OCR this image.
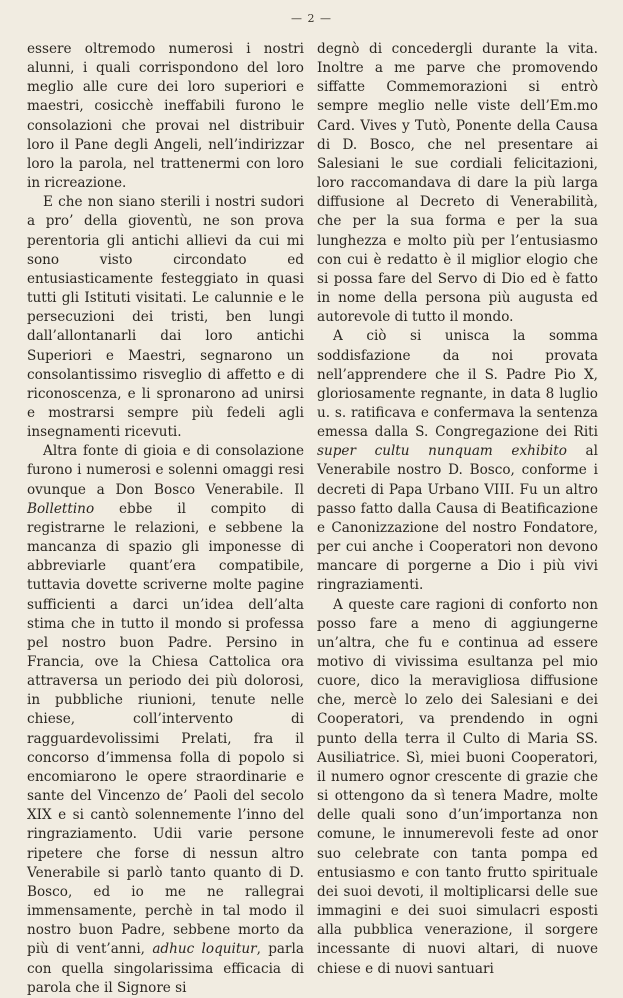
— 2 —

essere oltremodo numerosi i nostri alunni, i quali corrispondono del loro meglio alle cure dei loro superiori e maestri, cosicchè ineffabili furono le consolazioni che provai nel distribuir loro il Pane degli Angeli, nell’indirizzar loro la parola, nel trattenermi con loro in ricreazione.

E che non siano sterili i nostri sudori a pro’ della gioventù, ne son prova perentoria gli antichi allievi da cui mi sono visto circondato ed entusiasticamente festeggiato in quasi tutti gli Istituti visitati. Le calunnie e le persecuzioni dei tristi, ben lungi dall’allontanarli dai loro antichi Superiori e Maestri, segnarono un consolantissimo risveglio di affetto e di riconoscenza, e li spronarono ad unirsi e mostrarsi sempre più fedeli agli insegnamenti ricevuti.

Altra fonte di gioia e di consolazione furono i numerosi e solenni omaggi resi ovunque a Don Bosco Venerabile. Il Bollettino ebbe il compito di registrarne le relazioni, e sebbene la mancanza di spazio gli imponesse di abbreviarle quant’era compatibile, tuttavia dovette scriverne molte pagine sufficienti a darci un’idea dell’alta stima che in tutto il mondo si professa pel nostro buon Padre. Persino in Francia, ove la Chiesa Cattolica ora attraversa un periodo dei più dolorosi, in pubbliche riunioni, tenute nelle chiese, coll’intervento di ragguardevolissimi Prelati, fra il concorso d’immensa folla di popolo si encomiarono le opere straordinarie e sante del Vincenzo de’ Paoli del secolo XIX e si cantò solennemente l’inno del ringraziamento. Udii varie persone ripetere che forse di nessun altro Venerabile si parlò tanto quanto di D. Bosco, ed io me ne rallegrai immensamente, perchè in tal modo il nostro buon Padre, sebbene morto da più di vent’anni, adhuc loquitur, parla con quella singolarissima efficacia di parola che il Signore si

degnò di concedergli durante la vita. Inoltre a me parve che promovendo siffatte Commemorazioni si entrò sempre meglio nelle viste dell’Em.mo Card. Vives y Tutò, Ponente della Causa di D. Bosco, che nel presentare ai Salesiani le sue cordiali felicitazioni, loro raccomandava di dare la più larga diffusione al Decreto di Venerabilità, che per la sua forma e per la sua lunghezza e molto più per l’entusiasmo con cui è redatto è il miglior elogio che si possa fare del Servo di Dio ed è fatto in nome della persona più augusta ed autorevole di tutto il mondo.

A ciò si unisca la somma soddisfazione da noi provata nell’apprendere che il S. Padre Pio X, gloriosamente regnante, in data 8 luglio u. s. ratificava e confermava la sentenza emessa dalla S. Congregazione dei Riti super cultu nunquam exhibito al Venerabile nostro D. Bosco, conforme i decreti di Papa Urbano VIII. Fu un altro passo fatto dalla Causa di Beatificazione e Canonizzazione del nostro Fondatore, per cui anche i Cooperatori non devono mancare di porgerne a Dio i più vivi ringraziamenti.

A queste care ragioni di conforto non posso fare a meno di aggiungerne un’altra, che fu e continua ad essere motivo di vivissima esultanza pel mio cuore, dico la meravigliosa diffusione che, mercè lo zelo dei Salesiani e dei Cooperatori, va prendendo in ogni punto della terra il Culto di Maria SS. Ausiliatrice. Sì, miei buoni Cooperatori, il numero ognor crescente di grazie che si ottengono da sì tenera Madre, molte delle quali sono d’un’importanza non comune, le innumerevoli feste ad onor suo celebrate con tanta pompa ed entusiasmo e con tanto frutto spirituale dei suoi devoti, il moltiplicarsi delle sue immagini e dei suoi simulacri esposti alla pubblica venerazione, il sorgere incessante di nuovi altari, di nuove chiese e di nuovi santuari
